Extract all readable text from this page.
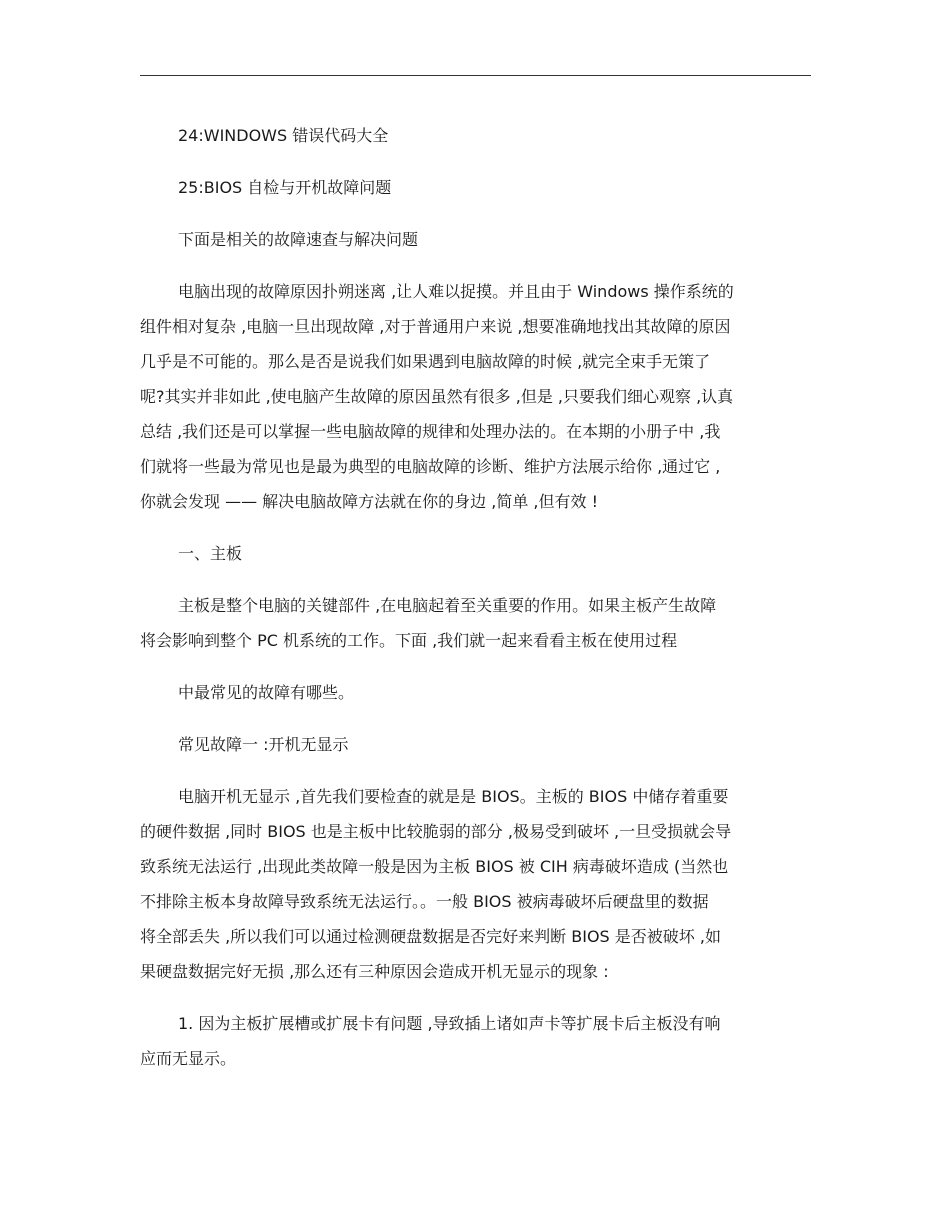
24:WINDOWS 错误代码大全

25:BIOS 自检与开机故障问题

下面是相关的故障速查与解决问题

电脑出现的故障原因扑朔迷离 ,让人难以捉摸。并且由于 Windows 操作系统的
组件相对复杂 ,电脑一旦出现故障 ,对于普通用户来说 ,想要准确地找出其故障的原因
几乎是不可能的。那么是否是说我们如果遇到电脑故障的时候 ,就完全束手无策了
呢?其实并非如此 ,使电脑产生故障的原因虽然有很多 ,但是 ,只要我们细心观察 ,认真
总结 ,我们还是可以掌握一些电脑故障的规律和处理办法的。在本期的小册子中 ,我
们就将一些最为常见也是最为典型的电脑故障的诊断、维护方法展示给你 ,通过它 ,
你就会发现 —— 解决电脑故障方法就在你的身边 ,简单 ,但有效 !

一、主板

主板是整个电脑的关键部件 ,在电脑起着至关重要的作用。如果主板产生故障
将会影响到整个 PC 机系统的工作。下面 ,我们就一起来看看主板在使用过程

中最常见的故障有哪些。

常见故障一 :开机无显示

电脑开机无显示 ,首先我们要检查的就是是 BIOS。主板的 BIOS 中储存着重要
的硬件数据 ,同时 BIOS 也是主板中比较脆弱的部分 ,极易受到破坏 ,一旦受损就会导
致系统无法运行 ,出现此类故障一般是因为主板 BIOS 被 CIH 病毒破坏造成 (当然也
不排除主板本身故障导致系统无法运行。。一般 BIOS 被病毒破坏后硬盘里的数据
将全部丢失 ,所以我们可以通过检测硬盘数据是否完好来判断 BIOS 是否被破坏 ,如
果硬盘数据完好无损 ,那么还有三种原因会造成开机无显示的现象 :

1. 因为主板扩展槽或扩展卡有问题 ,导致插上诸如声卡等扩展卡后主板没有响
应而无显示。
